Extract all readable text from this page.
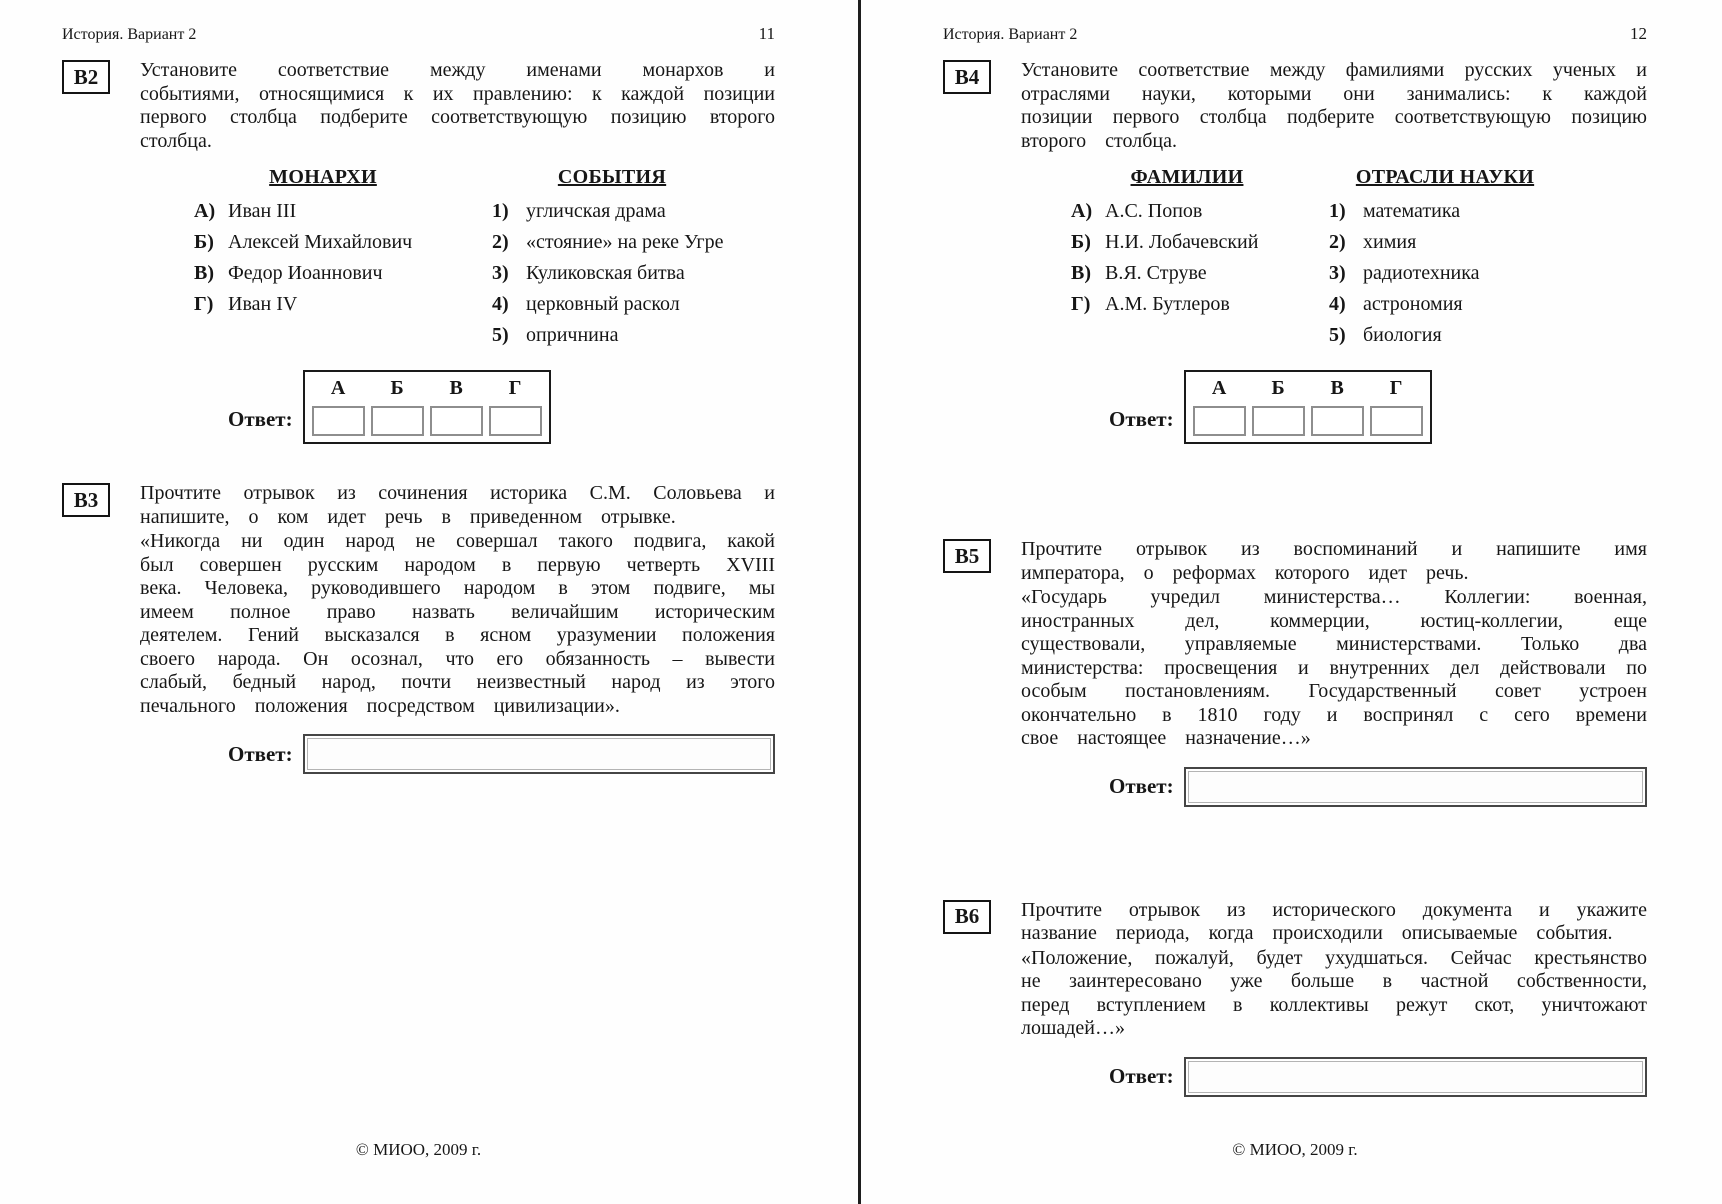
История. Вариант 2	11
В2 Установите соответствие между именами монархов и событиями, относящимися к их правлению: к каждой позиции первого столбца подберите соответствующую позицию второго столбца.

МОНАРХИ
А) Иван III
Б) Алексей Михайлович
В) Федор Иоаннович
Г) Иван IV
СОБЫТИЯ
1) угличская драма
2) «стояние» на реке Угре
3) Куликовская битва
4) церковный раскол
5) опричнина
Ответ:
А	Б	В	Г
В3 Прочтите отрывок из сочинения историка С.М. Соловьева и напишите, о ком идет речь в приведенном отрывке.

«Никогда ни один народ не совершал такого подвига, какой был совершен русским народом в первую четверть XVIII века. Человека, руководившего народом в этом подвиге, мы имеем полное право назвать величайшим историческим деятелем. Гений высказался в ясном уразумении положения своего народа. Он осознал, что его обязанность – вывести слабый, бедный народ, почти неизвестный народ из этого печального положения посредством цивилизации».

Ответ:
© МИОО, 2009 г.
История. Вариант 2	12
В4 Установите соответствие между фамилиями русских ученых и отраслями науки, которыми они занимались: к каждой позиции первого столбца подберите соответствующую позицию второго столбца.

ФАМИЛИИ
А) А.С. Попов
Б) Н.И. Лобачевский
В) В.Я. Струве
Г) А.М. Бутлеров
ОТРАСЛИ НАУКИ
1) математика
2) химия
3) радиотехника
4) астрономия
5) биология
Ответ:
А	Б	В	Г
В5 Прочтите отрывок из воспоминаний и напишите имя императора, о реформах которого идет речь.

«Государь учредил министерства… Коллегии: военная, иностранных дел, коммерции, юстиц-коллегии, еще существовали, управляемые министерствами. Только два министерства: просвещения и внутренних дел действовали по особым постановлениям. Государственный совет устроен окончательно в 1810 году и воспринял с сего времени свое настоящее назначение…»

Ответ:
В6 Прочтите отрывок из исторического документа и укажите название периода, когда происходили описываемые события.

«Положение, пожалуй, будет ухудшаться. Сейчас крестьянство не заинтересовано уже больше в частной собственности, перед вступлением в коллективы режут скот, уничтожают лошадей…»

Ответ:
© МИОО, 2009 г.
